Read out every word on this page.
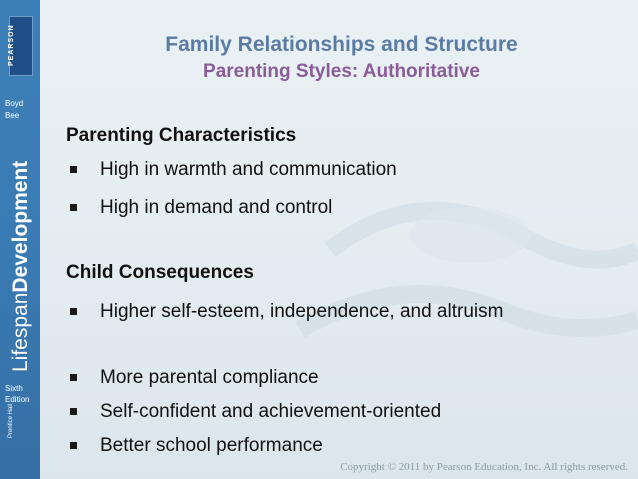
PEARSON
Boyd
Bee
LifespanDevelopment
Sixth
Edition
Prentice Hall
Family Relationships and Structure
Parenting Styles: Authoritative
Parenting Characteristics
High in warmth and communication
High in demand and control
Child Consequences
Higher self-esteem, independence, and altruism
More parental compliance
Self-confident and achievement-oriented
Better school performance
Copyright © 2011 by Pearson Education, Inc. All rights reserved.
